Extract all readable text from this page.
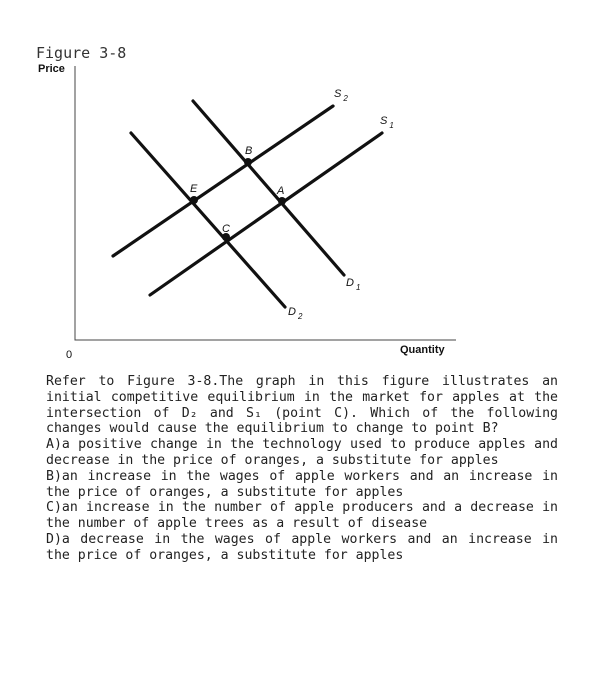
Figure 3-8
Price
Quantity
0
S $_2$
S $_1$
D $_1$
D $_2$
A
B
C
E

Refer to Figure 3-8.The graph in this figure illustrates an initial competitive equilibrium in the market for apples at the intersection of D₂ and S₁ (point C). Which of the following changes would cause the equilibrium to change to point B?

A)a positive change in the technology used to produce apples and decrease in the price of oranges, a substitute for apples

B)an increase in the wages of apple workers and an increase in the price of oranges, a substitute for apples

C)an increase in the number of apple producers and a decrease in the number of apple trees as a result of disease

D)a decrease in the wages of apple workers and an increase in the price of oranges, a substitute for apples
